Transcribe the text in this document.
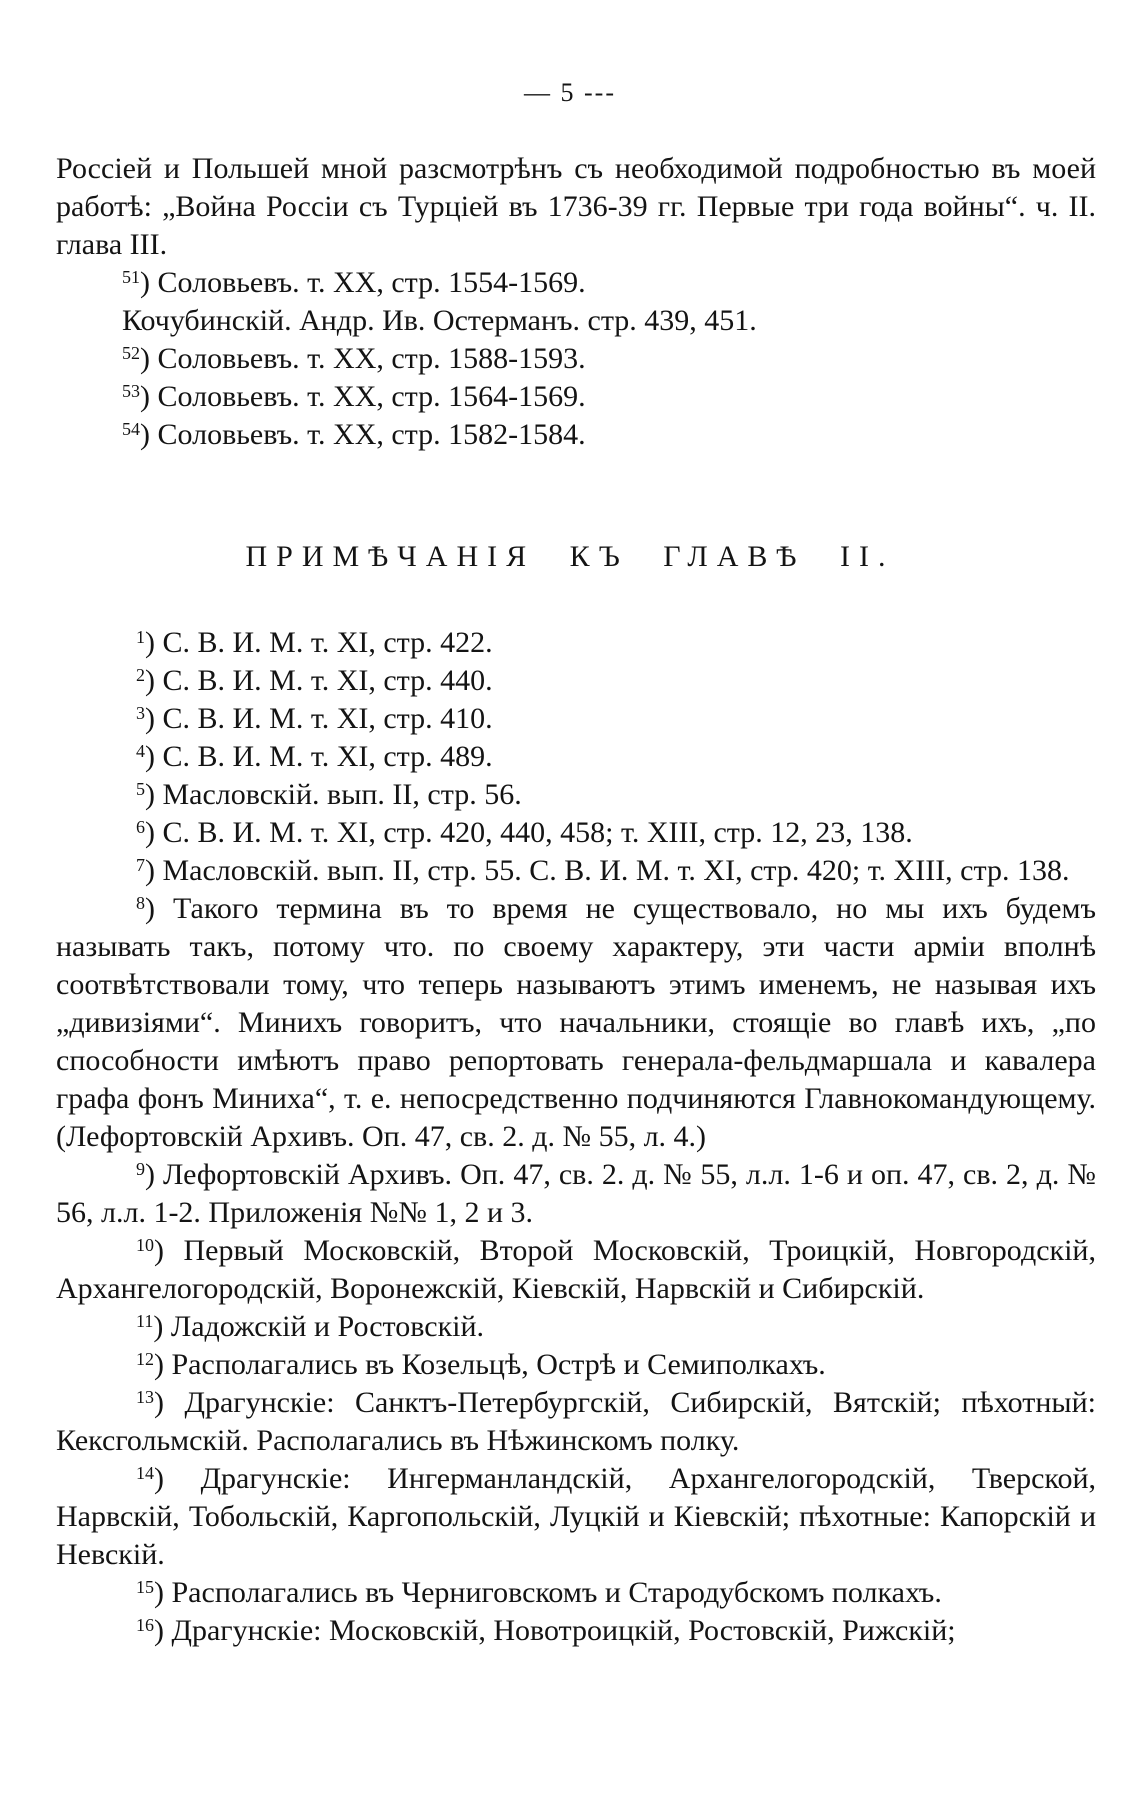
— 5 ---

Россіей и Польшей мной разсмотрѣнъ съ необходимой подробностью въ моей работѣ: „Война Россіи съ Турціей въ 1736-39 гг. Первые три года войны“. ч. II. глава III.

$^{51}$) Соловьевъ. т. XX, стр. 1554-1569.

Кочубинскій. Андр. Ив. Остерманъ. стр. 439, 451.

$^{52}$) Соловьевъ. т. XX, стр. 1588-1593.

$^{53}$) Соловьевъ. т. XX, стр. 1564-1569.

$^{54}$) Соловьевъ. т. XX, стр. 1582-1584.

ПРИМѢЧАНІЯ КЪ ГЛАВѢ II.

$^1$) С. В. И. М. т. XI, стр. 422.

$^2$) С. В. И. М. т. XI, стр. 440.

$^3$) С. В. И. М. т. XI, стр. 410.

$^4$) С. В. И. М. т. XI, стр. 489.

$^5$) Масловскій. вып. II, стр. 56.

$^6$) С. В. И. М. т. XI, стр. 420, 440, 458; т. XIII, стр. 12, 23, 138.

$^7$) Масловскій. вып. II, стр. 55. С. В. И. М. т. XI, стр. 420; т. XIII, стр. 138.

$^8$) Такого термина въ то время не существовало, но мы ихъ будемъ называть такъ, потому что. по своему характеру, эти части арміи вполнѣ соотвѣтствовали тому, что теперь называютъ этимъ именемъ, не называя ихъ „дивизіями“. Минихъ говоритъ, что начальники, стоящіе во главѣ ихъ, „по способности имѣютъ право репортовать генерала-фельдмаршала и кавалера графа фонъ Миниха“, т. е. непосредственно подчиняются Главнокомандующему. (Лефортовскій Архивъ. Оп. 47, св. 2. д. № 55, л. 4.)

$^9$) Лефортовскій Архивъ. Оп. 47, св. 2. д. № 55, л.л. 1-6 и оп. 47, св. 2, д. № 56, л.л. 1-2. Приложенія №№ 1, 2 и 3.

$^{10}$) Первый Московскій, Второй Московскій, Троицкій, Новгородскій, Архангелогородскій, Воронежскій, Кіевскій, Нарвскій и Сибирскій.

$^{11}$) Ладожскій и Ростовскій.

$^{12}$) Располагались въ Козельцѣ, Острѣ и Семиполкахъ.

$^{13}$) Драгунскіе: Санктъ-Петербургскій, Сибирскій, Вятскій; пѣхотный: Кексгольмскій. Располагались въ Нѣжинскомъ полку.

$^{14}$) Драгунскіе: Ингерманландскій, Архангелогородскій, Тверской, Нарвскій, Тобольскій, Каргопольскій, Луцкій и Кіевскій; пѣхотные: Капорскій и Невскій.

$^{15}$) Располагались въ Черниговскомъ и Стародубскомъ полкахъ.

$^{16}$) Драгунскіе: Московскій, Новотроицкій, Ростовскій, Рижскій;
